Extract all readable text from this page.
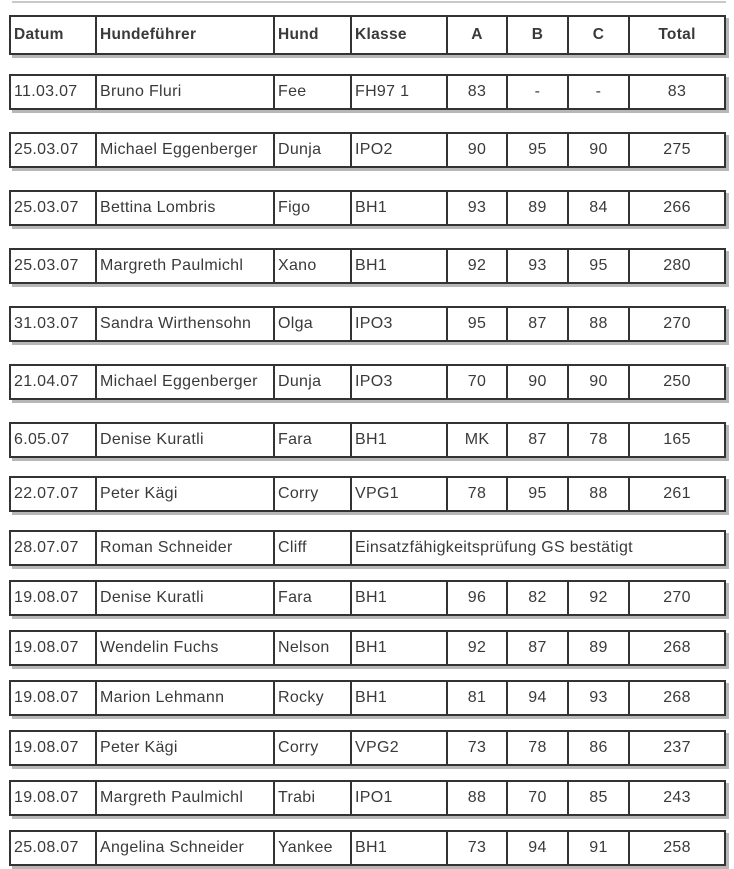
Datum	Hundeführer	Hund	Klasse	A	B	C	Total
11.03.07	Bruno Fluri	Fee	FH97 1	83	-	-	83
25.03.07	Michael Eggenberger	Dunja	IPO2	90	95	90	275
25.03.07	Bettina Lombris	Figo	BH1	93	89	84	266
25.03.07	Margreth Paulmichl	Xano	BH1	92	93	95	280
31.03.07	Sandra Wirthensohn	Olga	IPO3	95	87	88	270
21.04.07	Michael Eggenberger	Dunja	IPO3	70	90	90	250
6.05.07	Denise Kuratli	Fara	BH1	MK	87	78	165
22.07.07	Peter Kägi	Corry	VPG1	78	95	88	261
28.07.07	Roman Schneider	Cliff	Einsatzfähigkeitsprüfung GS bestätigt
19.08.07	Denise Kuratli	Fara	BH1	96	82	92	270
19.08.07	Wendelin Fuchs	Nelson	BH1	92	87	89	268
19.08.07	Marion Lehmann	Rocky	BH1	81	94	93	268
19.08.07	Peter Kägi	Corry	VPG2	73	78	86	237
19.08.07	Margreth Paulmichl	Trabi	IPO1	88	70	85	243
25.08.07	Angelina Schneider	Yankee	BH1	73	94	91	258
